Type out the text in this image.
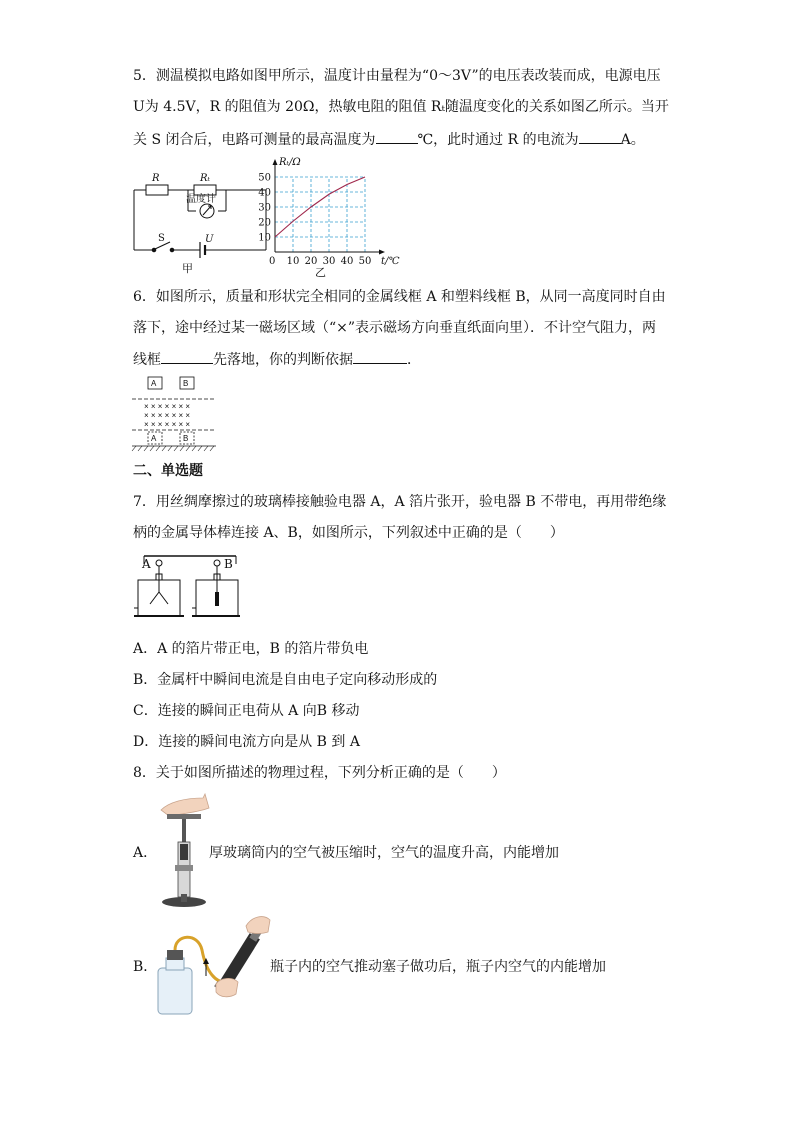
5．测温模拟电路如图甲所示，温度计由量程为“0～3V”的电压表改装而成，电源电压
U为 4.5V，R 的阻值为 20Ω，热敏电阻的阻值 Rₜ随温度变化的关系如图乙所示。当开
关 S 闭合后，电路可测量的最高温度为	℃，此时通过 R 的电流为	A。
R	Rₜ
U
温度计
S
甲
10 20 30 40 50
10
20
30
40
50
0	t/℃
Rₜ/Ω
乙
6．如图所示，质量和形状完全相同的金属线框 A 和塑料线框 B，从同一高度同时自由
落下，途中经过某一磁场区域（“×”表示磁场方向垂直纸面向里）．不计空气阻力，两
线框	先落地，你的判断依据	．
A	B
× × × × × × ×
× × × × × × ×
× × × × × × ×
A	B
二、单选题
7．用丝绸摩擦过的玻璃棒接触验电器 A，A 箔片张开，验电器 B 不带电，再用带绝缘
柄的金属导体棒连接 A、B，如图所示，下列叙述中正确的是（　　）
A	B
A．A 的箔片带正电，B 的箔片带负电
B．金属杆中瞬间电流是自由电子定向移动形成的
C．连接的瞬间正电荷从 A 向B 移动
D．连接的瞬间电流方向是从 B 到 A
8．关于如图所描述的物理过程，下列分析正确的是（　　）
A．	厚玻璃筒内的空气被压缩时，空气的温度升高，内能增加
B．	瓶子内的空气推动塞子做功后，瓶子内空气的内能增加
